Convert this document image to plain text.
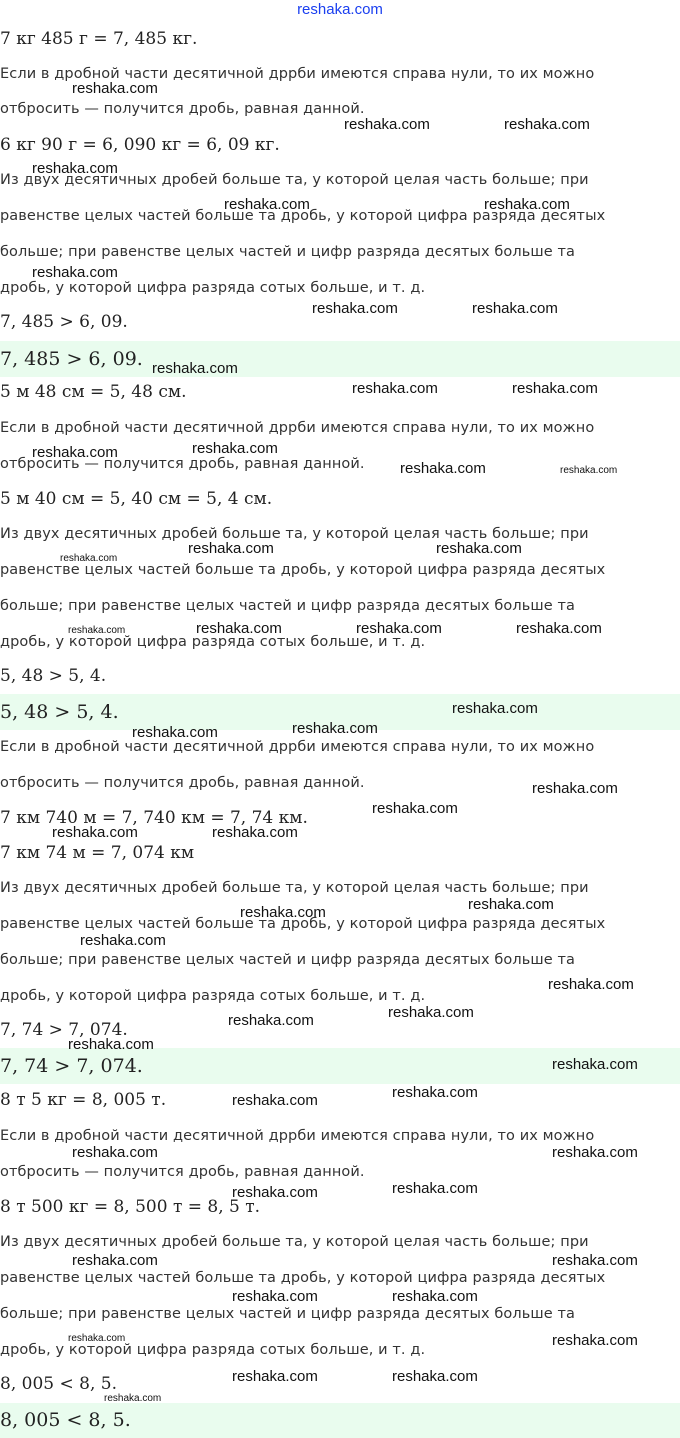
reshaka.com
7 кг 485 г = 7, 485 кг.
Если в дробной части десятичной дррби имеются справа нули, то их можно
отбросить — получится дробь, равная данной.
6 кг 90 г = 6, 090 кг = 6, 09 кг.
Из двух десятичных дробей больше та, у которой целая часть больше; при
равенстве целых частей больше та дробь, у которой цифра разряда десятых
больше; при равенстве целых частей и цифр разряда десятых больше та
дробь, у которой цифра разряда сотых больше, и т. д.
7, 485 > 6, 09.
7, 485 > 6, 09.
5 м 48 см = 5, 48 см.
Если в дробной части десятичной дррби имеются справа нули, то их можно
отбросить — получится дробь, равная данной.
5 м 40 см = 5, 40 см = 5, 4 см.
Из двух десятичных дробей больше та, у которой целая часть больше; при
равенстве целых частей больше та дробь, у которой цифра разряда десятых
больше; при равенстве целых частей и цифр разряда десятых больше та
дробь, у которой цифра разряда сотых больше, и т. д.
5, 48 > 5, 4.
5, 48 > 5, 4.
Если в дробной части десятичной дррби имеются справа нули, то их можно
отбросить — получится дробь, равная данной.
7 км 740 м = 7, 740 км = 7, 74 км.
7 км 74 м = 7, 074 км
Из двух десятичных дробей больше та, у которой целая часть больше; при
равенстве целых частей больше та дробь, у которой цифра разряда десятых
больше; при равенстве целых частей и цифр разряда десятых больше та
дробь, у которой цифра разряда сотых больше, и т. д.
7, 74 > 7, 074.
7, 74 > 7, 074.
8 т 5 кг = 8, 005 т.
Если в дробной части десятичной дррби имеются справа нули, то их можно
отбросить — получится дробь, равная данной.
8 т 500 кг = 8, 500 т = 8, 5 т.
Из двух десятичных дробей больше та, у которой целая часть больше; при
равенстве целых частей больше та дробь, у которой цифра разряда десятых
больше; при равенстве целых частей и цифр разряда десятых больше та
дробь, у которой цифра разряда сотых больше, и т. д.
8, 005 < 8, 5.
8, 005 < 8, 5.
reshaka.com
reshaka.com	reshaka.com
reshaka.com
reshaka.com	reshaka.com
reshaka.com
reshaka.com	reshaka.com
reshaka.com
reshaka.com	reshaka.com
reshaka.com	reshaka.com
reshaka.com	reshaka.com
reshaka.com
reshaka.com	reshaka.com
reshaka.com	reshaka.com	reshaka.com	reshaka.com
reshaka.com
reshaka.com	reshaka.com
reshaka.com
reshaka.com
reshaka.com	reshaka.com
reshaka.com
reshaka.com
reshaka.com
reshaka.com
reshaka.com
reshaka.com
reshaka.com
reshaka.com
reshaka.com
reshaka.com
reshaka.com	reshaka.com
reshaka.com
reshaka.com
reshaka.com	reshaka.com
reshaka.com	reshaka.com
reshaka.com	reshaka.com
reshaka.com	reshaka.com
reshaka.com
